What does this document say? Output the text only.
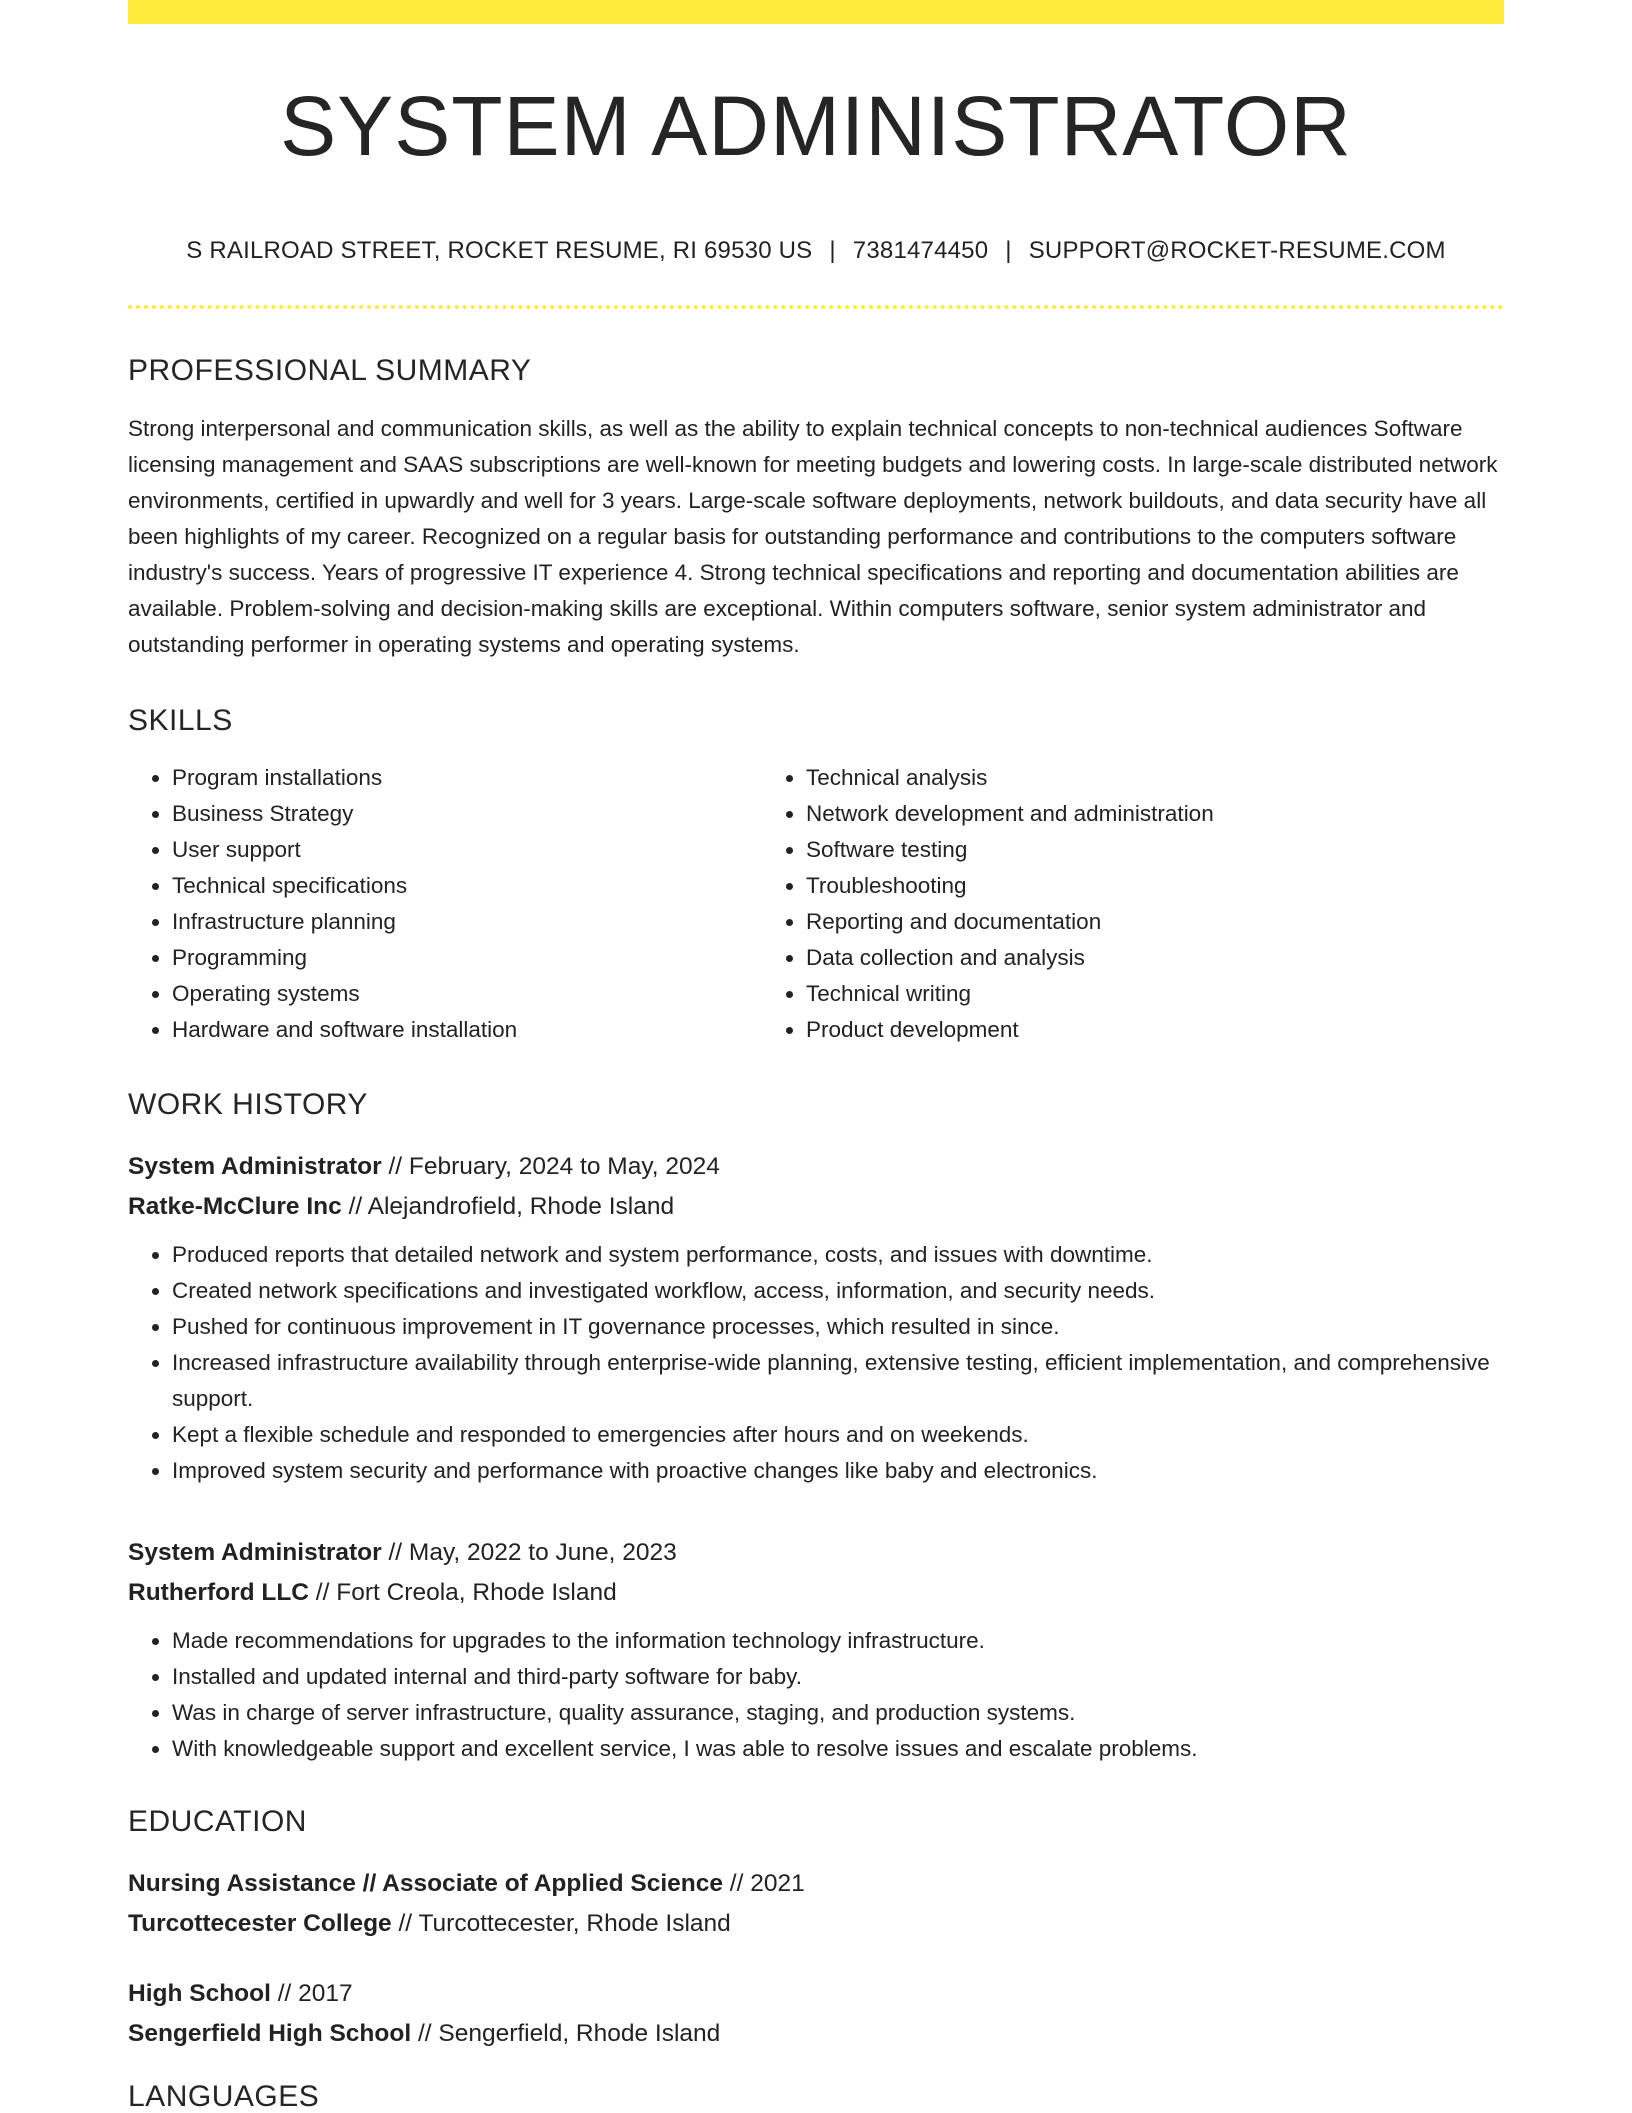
SYSTEM ADMINISTRATOR
S RAILROAD STREET, ROCKET RESUME, RI 69530 US | 7381474450 | SUPPORT@ROCKET-RESUME.COM
PROFESSIONAL SUMMARY

Strong interpersonal and communication skills, as well as the ability to explain technical concepts to non-technical audiences Software licensing management and SAAS subscriptions are well-known for meeting budgets and lowering costs. In large-scale distributed network environments, certified in upwardly and well for 3 years. Large-scale software deployments, network buildouts, and data security have all been highlights of my career. Recognized on a regular basis for outstanding performance and contributions to the computers software industry's success. Years of progressive IT experience 4. Strong technical specifications and reporting and documentation abilities are available. Problem-solving and decision-making skills are exceptional. Within computers software, senior system administrator and outstanding performer in operating systems and operating systems.

SKILLS
• Program installations
• Business Strategy
• User support
• Technical specifications
• Infrastructure planning
• Programming
• Operating systems
• Hardware and software installation
• Technical analysis
• Network development and administration
• Software testing
• Troubleshooting
• Reporting and documentation
• Data collection and analysis
• Technical writing
• Product development
WORK HISTORY
System Administrator // February, 2024 to May, 2024
Ratke-McClure Inc // Alejandrofield, Rhode Island
• Produced reports that detailed network and system performance, costs, and issues with downtime.
• Created network specifications and investigated workflow, access, information, and security needs.
• Pushed for continuous improvement in IT governance processes, which resulted in since.
• Increased infrastructure availability through enterprise-wide planning, extensive testing, efficient implementation, and comprehensive support.
• Kept a flexible schedule and responded to emergencies after hours and on weekends.
• Improved system security and performance with proactive changes like baby and electronics.
System Administrator // May, 2022 to June, 2023
Rutherford LLC // Fort Creola, Rhode Island
• Made recommendations for upgrades to the information technology infrastructure.
• Installed and updated internal and third-party software for baby.
• Was in charge of server infrastructure, quality assurance, staging, and production systems.
• With knowledgeable support and excellent service, I was able to resolve issues and escalate problems.
EDUCATION
Nursing Assistance // Associate of Applied Science // 2021
Turcottecester College // Turcottecester, Rhode Island
High School // 2017
Sengerfield High School // Sengerfield, Rhode Island
LANGUAGES
